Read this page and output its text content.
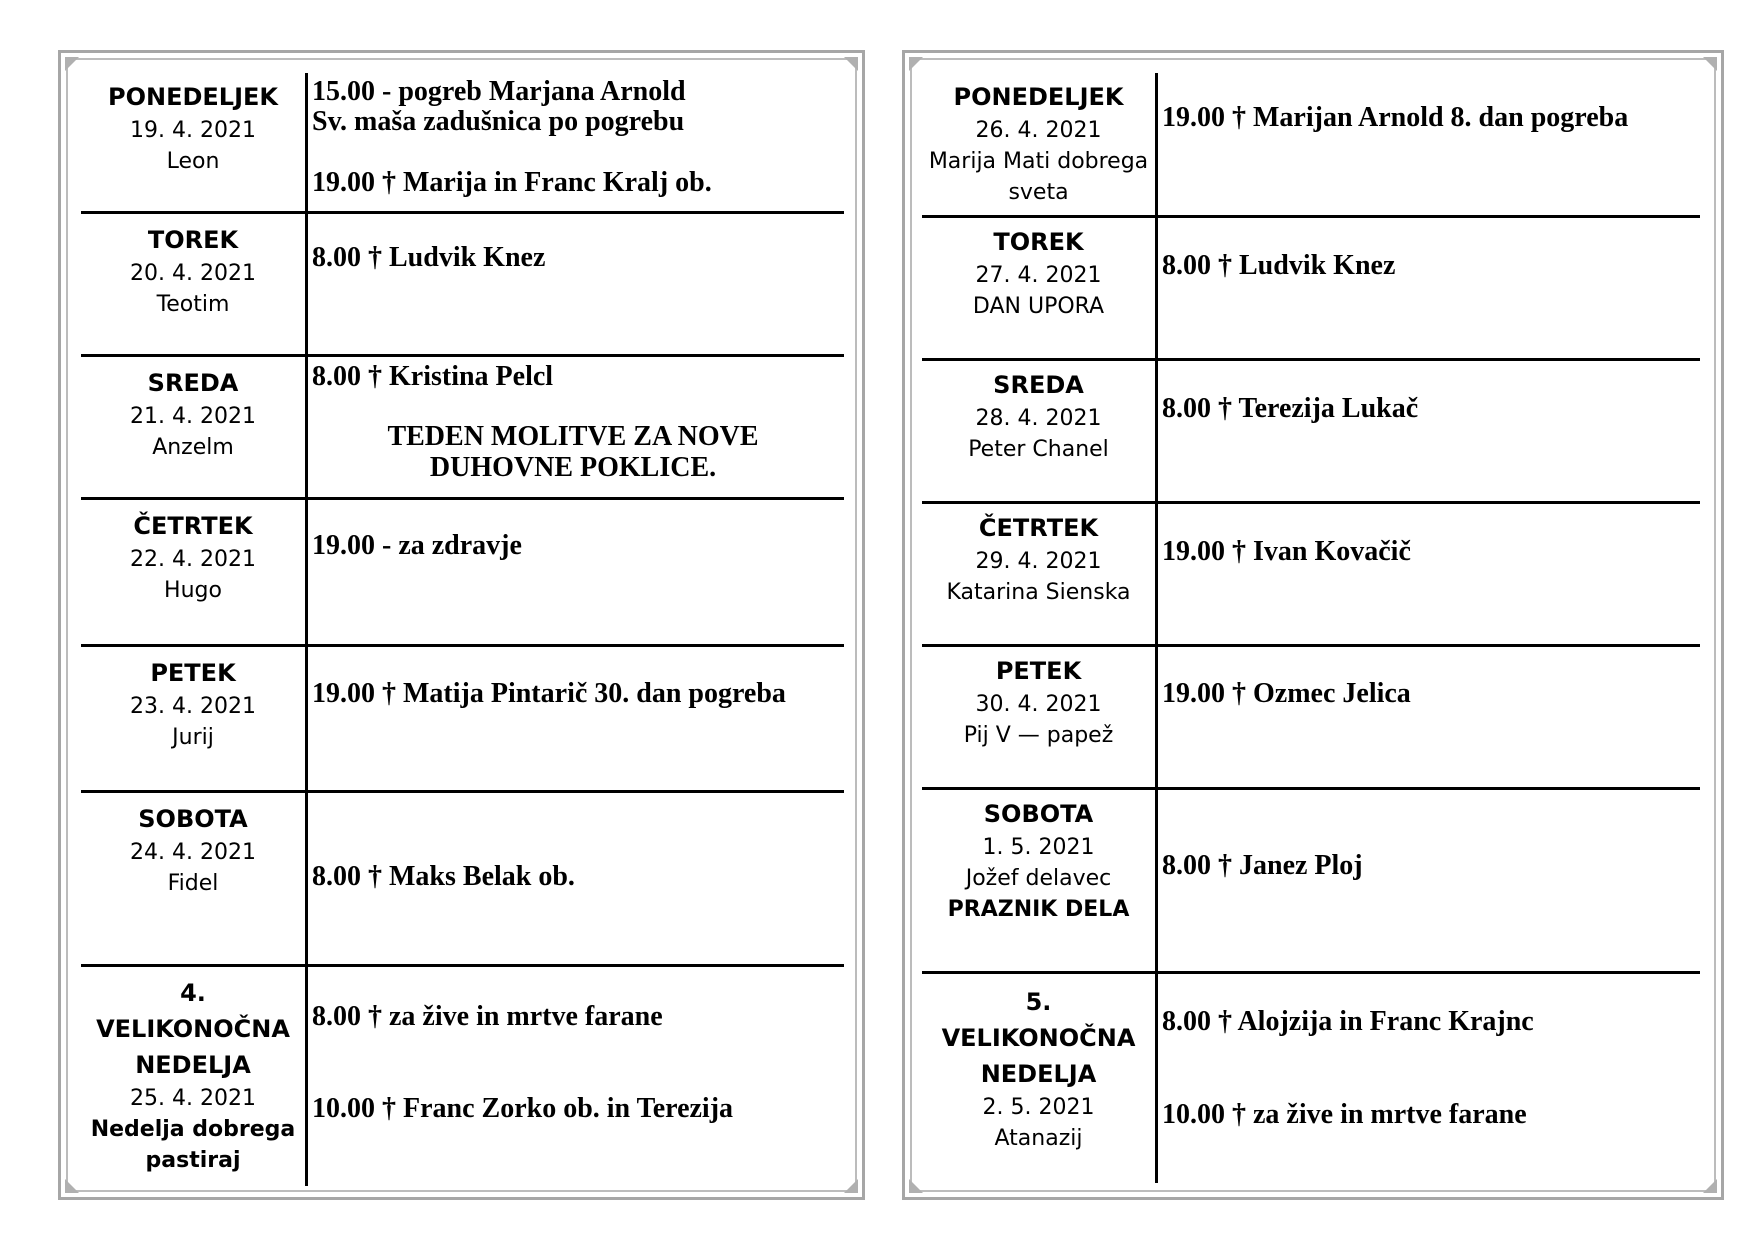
PONEDELJEK
19. 4. 2021
Leon
15.00 - pogreb Marjana Arnold
Sv. maša zadušnica po pogrebu
19.00 † Marija in Franc Kralj ob.
TOREK
20. 4. 2021
Teotim
8.00 † Ludvik Knez
SREDA
21. 4. 2021
Anzelm
8.00 † Kristina Pelcl
TEDEN MOLITVE ZA NOVE DUHOVNE POKLICE.
ČETRTEK
22. 4. 2021
Hugo
19.00 - za zdravje
PETEK
23. 4. 2021
Jurij
19.00 † Matija Pintarič 30. dan pogreba
SOBOTA
24. 4. 2021
Fidel	8.00 † Maks Belak ob.
4. VELIKONOČNA NEDELJA
25. 4. 2021
Nedelja dobrega pastiraj
8.00 † za žive in mrtve farane
10.00 † Franc Zorko ob. in Terezija
PONEDELJEK
26. 4. 2021
Marija Mati dobrega sveta
19.00 † Marijan Arnold 8. dan pogreba
TOREK
27. 4. 2021
DAN UPORA
8.00 † Ludvik Knez
SREDA
28. 4. 2021
Peter Chanel
8.00 † Terezija Lukač
ČETRTEK
29. 4. 2021
Katarina Sienska
19.00 † Ivan Kovačič
PETEK
30. 4. 2021
Pij V — papež
19.00 † Ozmec Jelica
SOBOTA
1. 5. 2021
Jožef delavec
PRAZNIK DELA
8.00 † Janez Ploj
5. VELIKONOČNA NEDELJA
2. 5. 2021
Atanazij
8.00 † Alojzija in Franc Krajnc
10.00 † za žive in mrtve farane
